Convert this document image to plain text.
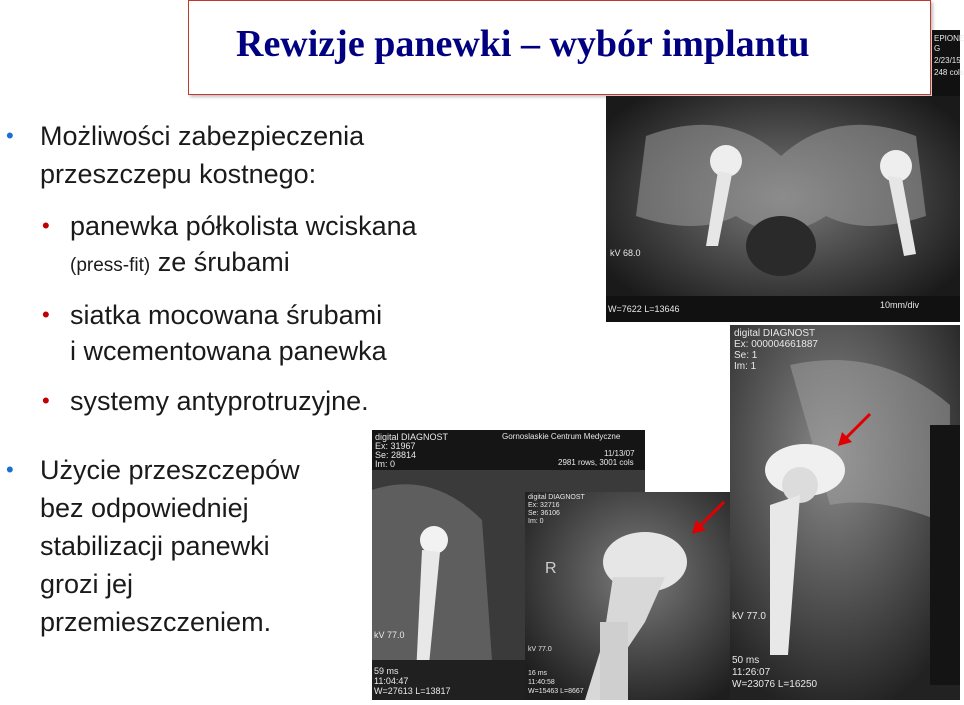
Rewizje panewki – wybór implantu
• Możliwości zabezpieczenia
przeszczepu kostnego:
• panewka półkolista wciskana
(press-fit) ze śrubami
• siatka mocowana śrubami
i wcementowana panewka
• systemy antyprotruzyjne.
• Użycie przeszczepów
bez odpowiedniej
stabilizacji panewki
grozi jej
przemieszczeniem.
kV 68.0
W=7622 L=13646	10mm/div
EPIONE
G
2/23/15
248 cols
digital DIAGNOST
Ex: 000004661887
Se: 1
Im: 1
kV 77.0
50 ms
11:26:07
W=23076 L=16250
digital DIAGNOST
Ex: 31967
Se: 28814
Im: 0
Gornoslaskie Centrum Medyczne
11/13/07
2981 rows, 3001 cols
kV 77.0
59 ms
11:04:47
W=27613 L=13817
digital DIAGNOST
Ex: 32716
Se: 36106
Im: 0
R
kV 77.0
16 ms
11:40:58
W=15463 L=8667
